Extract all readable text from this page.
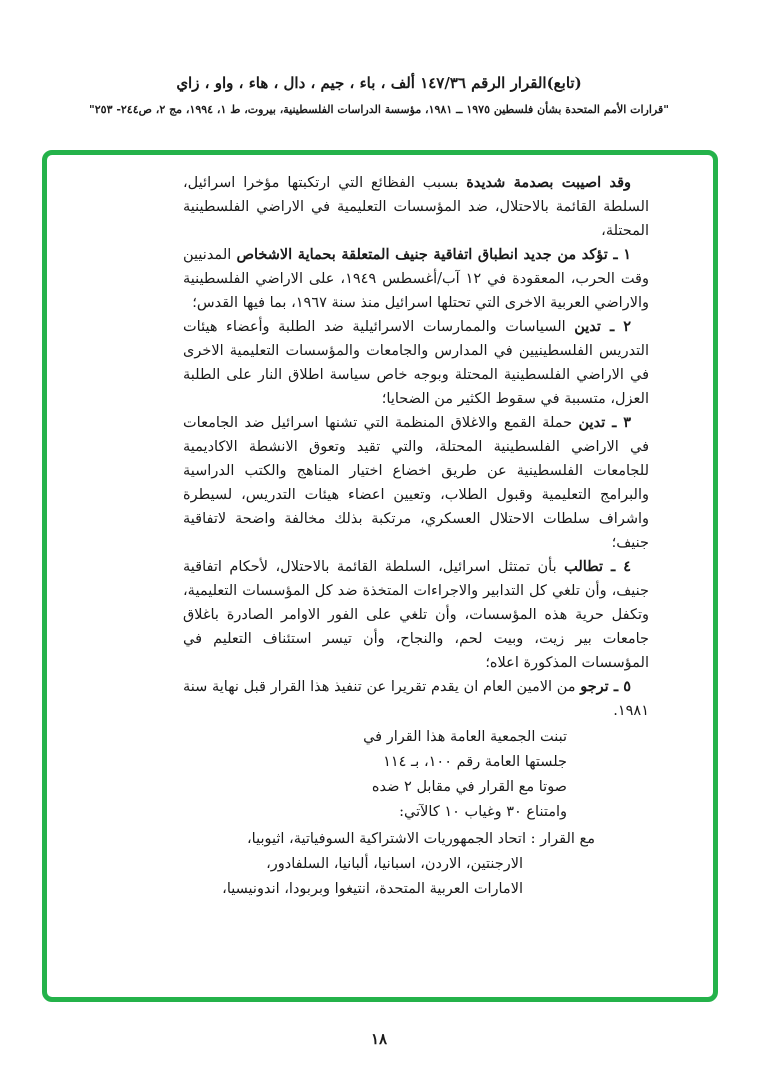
(تابع)القرار الرقم ١٤٧/٣٦ ألف ، باء ، جيم ، دال ، هاء ، واو ، زاي
"قرارات الأمم المتحدة بشأن فلسطين ١٩٧٥ ــ ١٩٨١، مؤسسة الدراسات الفلسطينية، بيروت، ط ١، ١٩٩٤، مج ٢، ص٢٤٤- ٢٥٣"

وقد اصيبت بصدمة شديدة بسبب الفظائع التي ارتكبتها مؤخرا اسرائيل، السلطة القائمة بالاحتلال، ضد المؤسسات التعليمية في الاراضي الفلسطينية المحتلة،

١ ـ تؤكد من جديد انطباق اتفاقية جنيف المتعلقة بحماية الاشخاص المدنيين وقت الحرب، المعقودة في ١٢ آب/أغسطس ١٩٤٩، على الاراضي الفلسطينية والاراضي العربية الاخرى التي تحتلها اسرائيل منذ سنة ١٩٦٧، بما فيها القدس؛

٢ ـ تدين السياسات والممارسات الاسرائيلية ضد الطلبة وأعضاء هيئات التدريس الفلسطينيين في المدارس والجامعات والمؤسسات التعليمية الاخرى في الاراضي الفلسطينية المحتلة وبوجه خاص سياسة اطلاق النار على الطلبة العزل، متسببة في سقوط الكثير من الضحايا؛

٣ ـ تدين حملة القمع والاغلاق المنظمة التي تشنها اسرائيل ضد الجامعات في الاراضي الفلسطينية المحتلة، والتي تقيد وتعوق الانشطة الاكاديمية للجامعات الفلسطينية عن طريق اخضاع اختيار المناهج والكتب الدراسية والبرامج التعليمية وقبول الطلاب، وتعيين اعضاء هيئات التدريس، لسيطرة واشراف سلطات الاحتلال العسكري، مرتكبة بذلك مخالفة واضحة لاتفاقية جنيف؛

٤ ـ تطالب بأن تمتثل اسرائيل، السلطة القائمة بالاحتلال، لأحكام اتفاقية جنيف، وأن تلغي كل التدابير والاجراءات المتخذة ضد كل المؤسسات التعليمية، وتكفل حرية هذه المؤسسات، وأن تلغي على الفور الاوامر الصادرة باغلاق جامعات بير زيت، وبيت لحم، والنجاح، وأن تيسر استئناف التعليم في المؤسسات المذكورة اعلاه؛

٥ ـ ترجو من الامين العام ان يقدم تقريرا عن تنفيذ هذا القرار قبل نهاية سنة ١٩٨١.

تبنت الجمعية العامة هذا القرار في
جلستها العامة رقم ١٠٠، بـ ١١٤
صوتا مع القرار في مقابل ٢ ضده
وامتناع ٣٠ وغياب ١٠ كالآتي:
مع القرار : اتحاد الجمهوريات الاشتراكية السوفياتية، اثيوبيا،
الارجنتين، الاردن، اسبانيا، ألبانيا، السلفادور،
الامارات العربية المتحدة، انتيغوا وبربودا، اندونيسيا،
١٨
